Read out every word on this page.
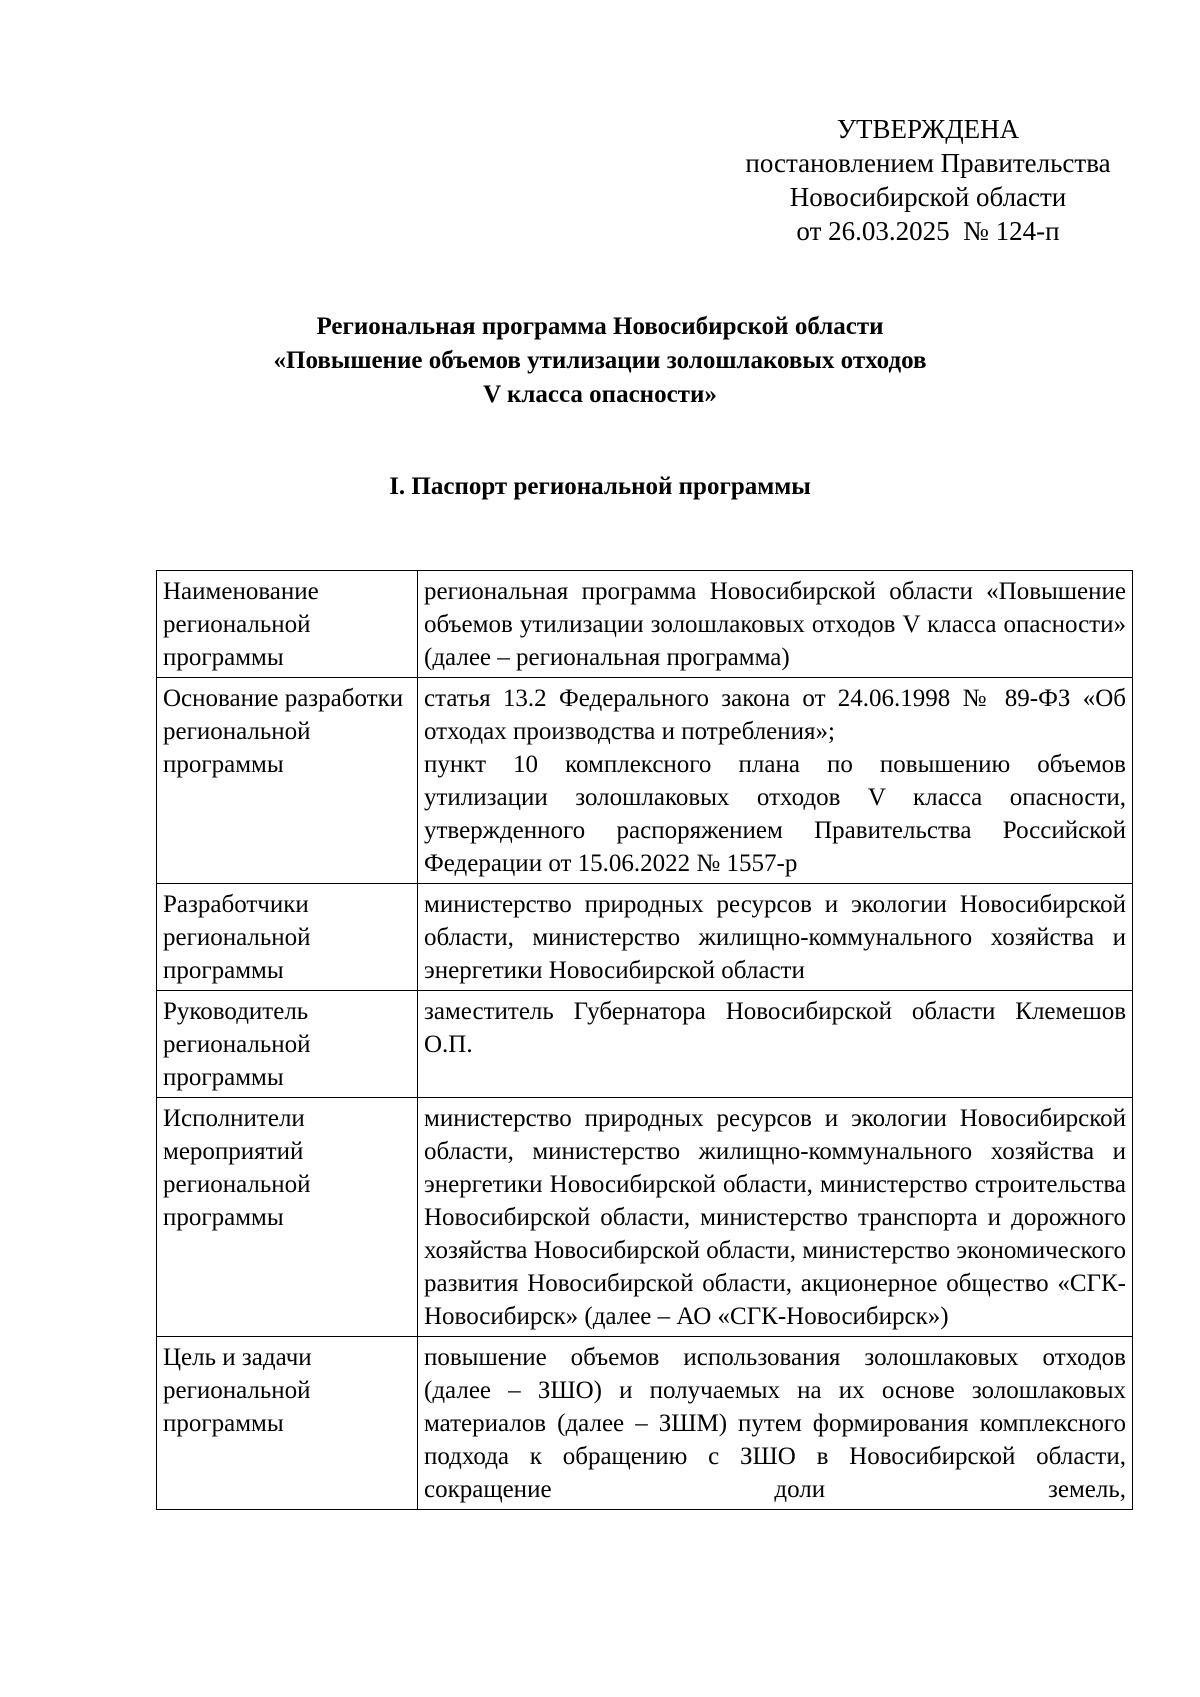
УТВЕРЖДЕНА
постановлением Правительства
Новосибирской области
от 26.03.2025  № 124-п
Региональная программа Новосибирской области
«Повышение объемов утилизации золошлаковых отходов
V класса опасности»
I. Паспорт региональной программы
Наименование региональной программы	региональная программа Новосибирской области «Повышение объемов утилизации золошлаковых отходов V класса опасности» (далее – региональная программа)

Основание разработки региональной программы	статья 13.2 Федерального закона от 24.06.1998 № 89-ФЗ «Об отходах производства и потребления»;
пункт 10 комплексного плана по повышению объемов утилизации золошлаковых отходов V класса опасности, утвержденного распоряжением Правительства Российской Федерации от 15.06.2022 № 1557-р

Разработчики региональной программы	министерство природных ресурсов и экологии Новосибирской области, министерство жилищно-коммунального хозяйства и энергетики Новосибирской области

Руководитель региональной программы	заместитель Губернатора Новосибирской области Клемешов О.П.

Исполнители мероприятий региональной программы	министерство природных ресурсов и экологии Новосибирской области, министерство жилищно-коммунального хозяйства и энергетики Новосибирской области, министерство строительства Новосибирской области, министерство транспорта и дорожного хозяйства Новосибирской области, министерство экономического развития Новосибирской области, акционерное общество «СГК-Новосибирск» (далее – АО «СГК-Новосибирск»)

Цель и задачи региональной программы	повышение объемов использования золошлаковых отходов (далее – ЗШО) и получаемых на их основе золошлаковых материалов (далее – ЗШМ) путем формирования комплексного подхода к обращению с ЗШО в Новосибирской области, сокращение доли земель,
